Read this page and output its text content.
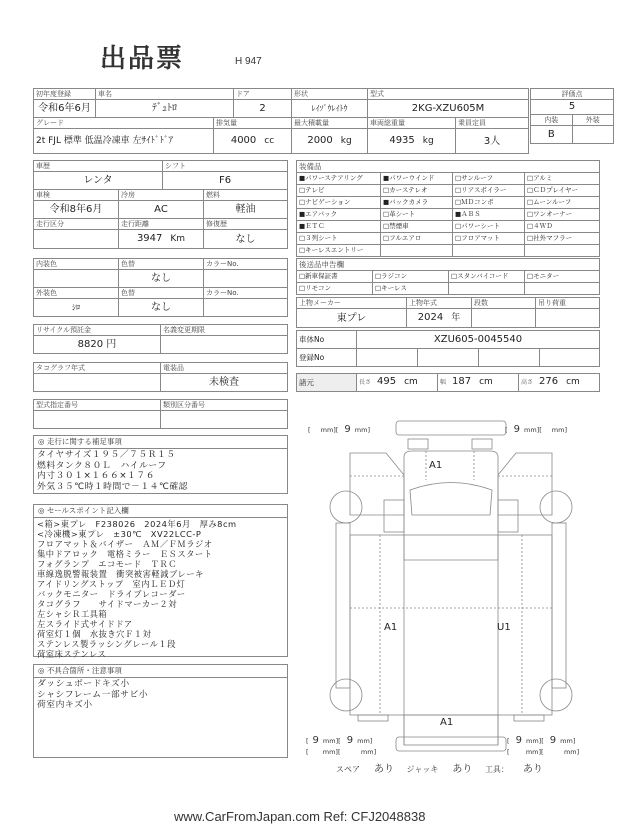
出品票	H 947
初年度登録	車名		ドア	形状	型式	
令和6年6月	ﾃﾞｭﾄﾛ		2	ﾚｲｿﾞｳﾚｲﾄｳ	2KG-XZU605M	
グレード		排気量		最大積載量	車両総重量	乗員定員
2t FJL 標準 低温冷凍車 左ｻｲﾄﾞﾄﾞｱ		4000 cc		2000 kg	4935 kg	3人
評価点	
5	
内装	外装
B	
車歴		シフト	
レンタ		F6	
車検	冷房		燃料
令和8年6月	AC		軽油
走行区分	走行距離		修復歴
	3947 Km		なし
内装色	色替	カラーNo.
	なし	
外装色	色替	カラーNo.
ｼﾛ	なし	
リサイクル預託金	名義変更期限
8820 円	
タコグラフ年式	電装品
	未検査
型式指定番号	類別区分番号

装備品			
■パワーステアリング	■パワーウインド	□サンルーフ	□アルミ
□テレビ	□カーステレオ	□リアスポイラー	□ＣＤプレイヤー
□ナビゲーション	■バックカメラ	□ＭＤコンポ	□ムーンルーフ
■エアバック	□革シート	■ＡＢＳ	□ワンオーナー
■ＥＴＣ	□禁煙車	□パワーシート	□４ＷＤ
□３列シート	□フルエアロ	□フロアマット	□社外マフラー
□キーレスエントリー			
後送品申告欄			
□新車保証書	□ラジコン	□スタンバイコード	□モニター
□リモコン	□キーレス		
上物メーカー	上物年式	段数	吊り荷重
東プレ	2024 年		
車体No	XZU605-0045540			
登録No				
諸元	長さ 495 cm	幅 187 cm	高さ 276 cm
◎ 走行に関する補足事項
タイヤサイズ１９５／７５Ｒ１５
燃料タンク８０Ｌ　ハイルーフ
内寸３０１×１６６×１７６
外気３５℃時１時間で－１４℃確認
◎ セールスポイント記入欄
<箱>東プレ　F238026　2024年6月　厚み8cm
<冷凍機>東プレ　±30℃　XV22LCC-P
フロアマット＆バイザー　ＡＭ／ＦＭラジオ
集中ドアロック　電格ミラー　ＥＳスタート
フォグランプ　エコモード　ＴＲＣ
車線逸脱警報装置　衝突被害軽減ブレーキ
アイドリングストップ　室内ＬＥＤ灯
バックモニター　ドライブレコーダー
タコグラフ　　サイドマーカー２対
左シャシＲ工具箱
左スライド式サイドドア
荷室灯１個　水抜き穴Ｆ１対
ステンレス製ラッシングレール１段
荷室床ステンレス
◎ 不具合箇所・注意事項
ダッシュボードキズ小
シャシフレーム一部サビ小
荷室内キズ小
A1
A1	U1
A1
[ mm][ 9 mm]	[ 9 mm][ mm]
[ 9 mm][ 9 mm]
[ mm][	mm]
[ 9 mm][ 9 mm]
[    mm][	mm]
スペア あり ジャッキ あり 工具： あり
www.CarFromJapan.com Ref: CFJ2048838
